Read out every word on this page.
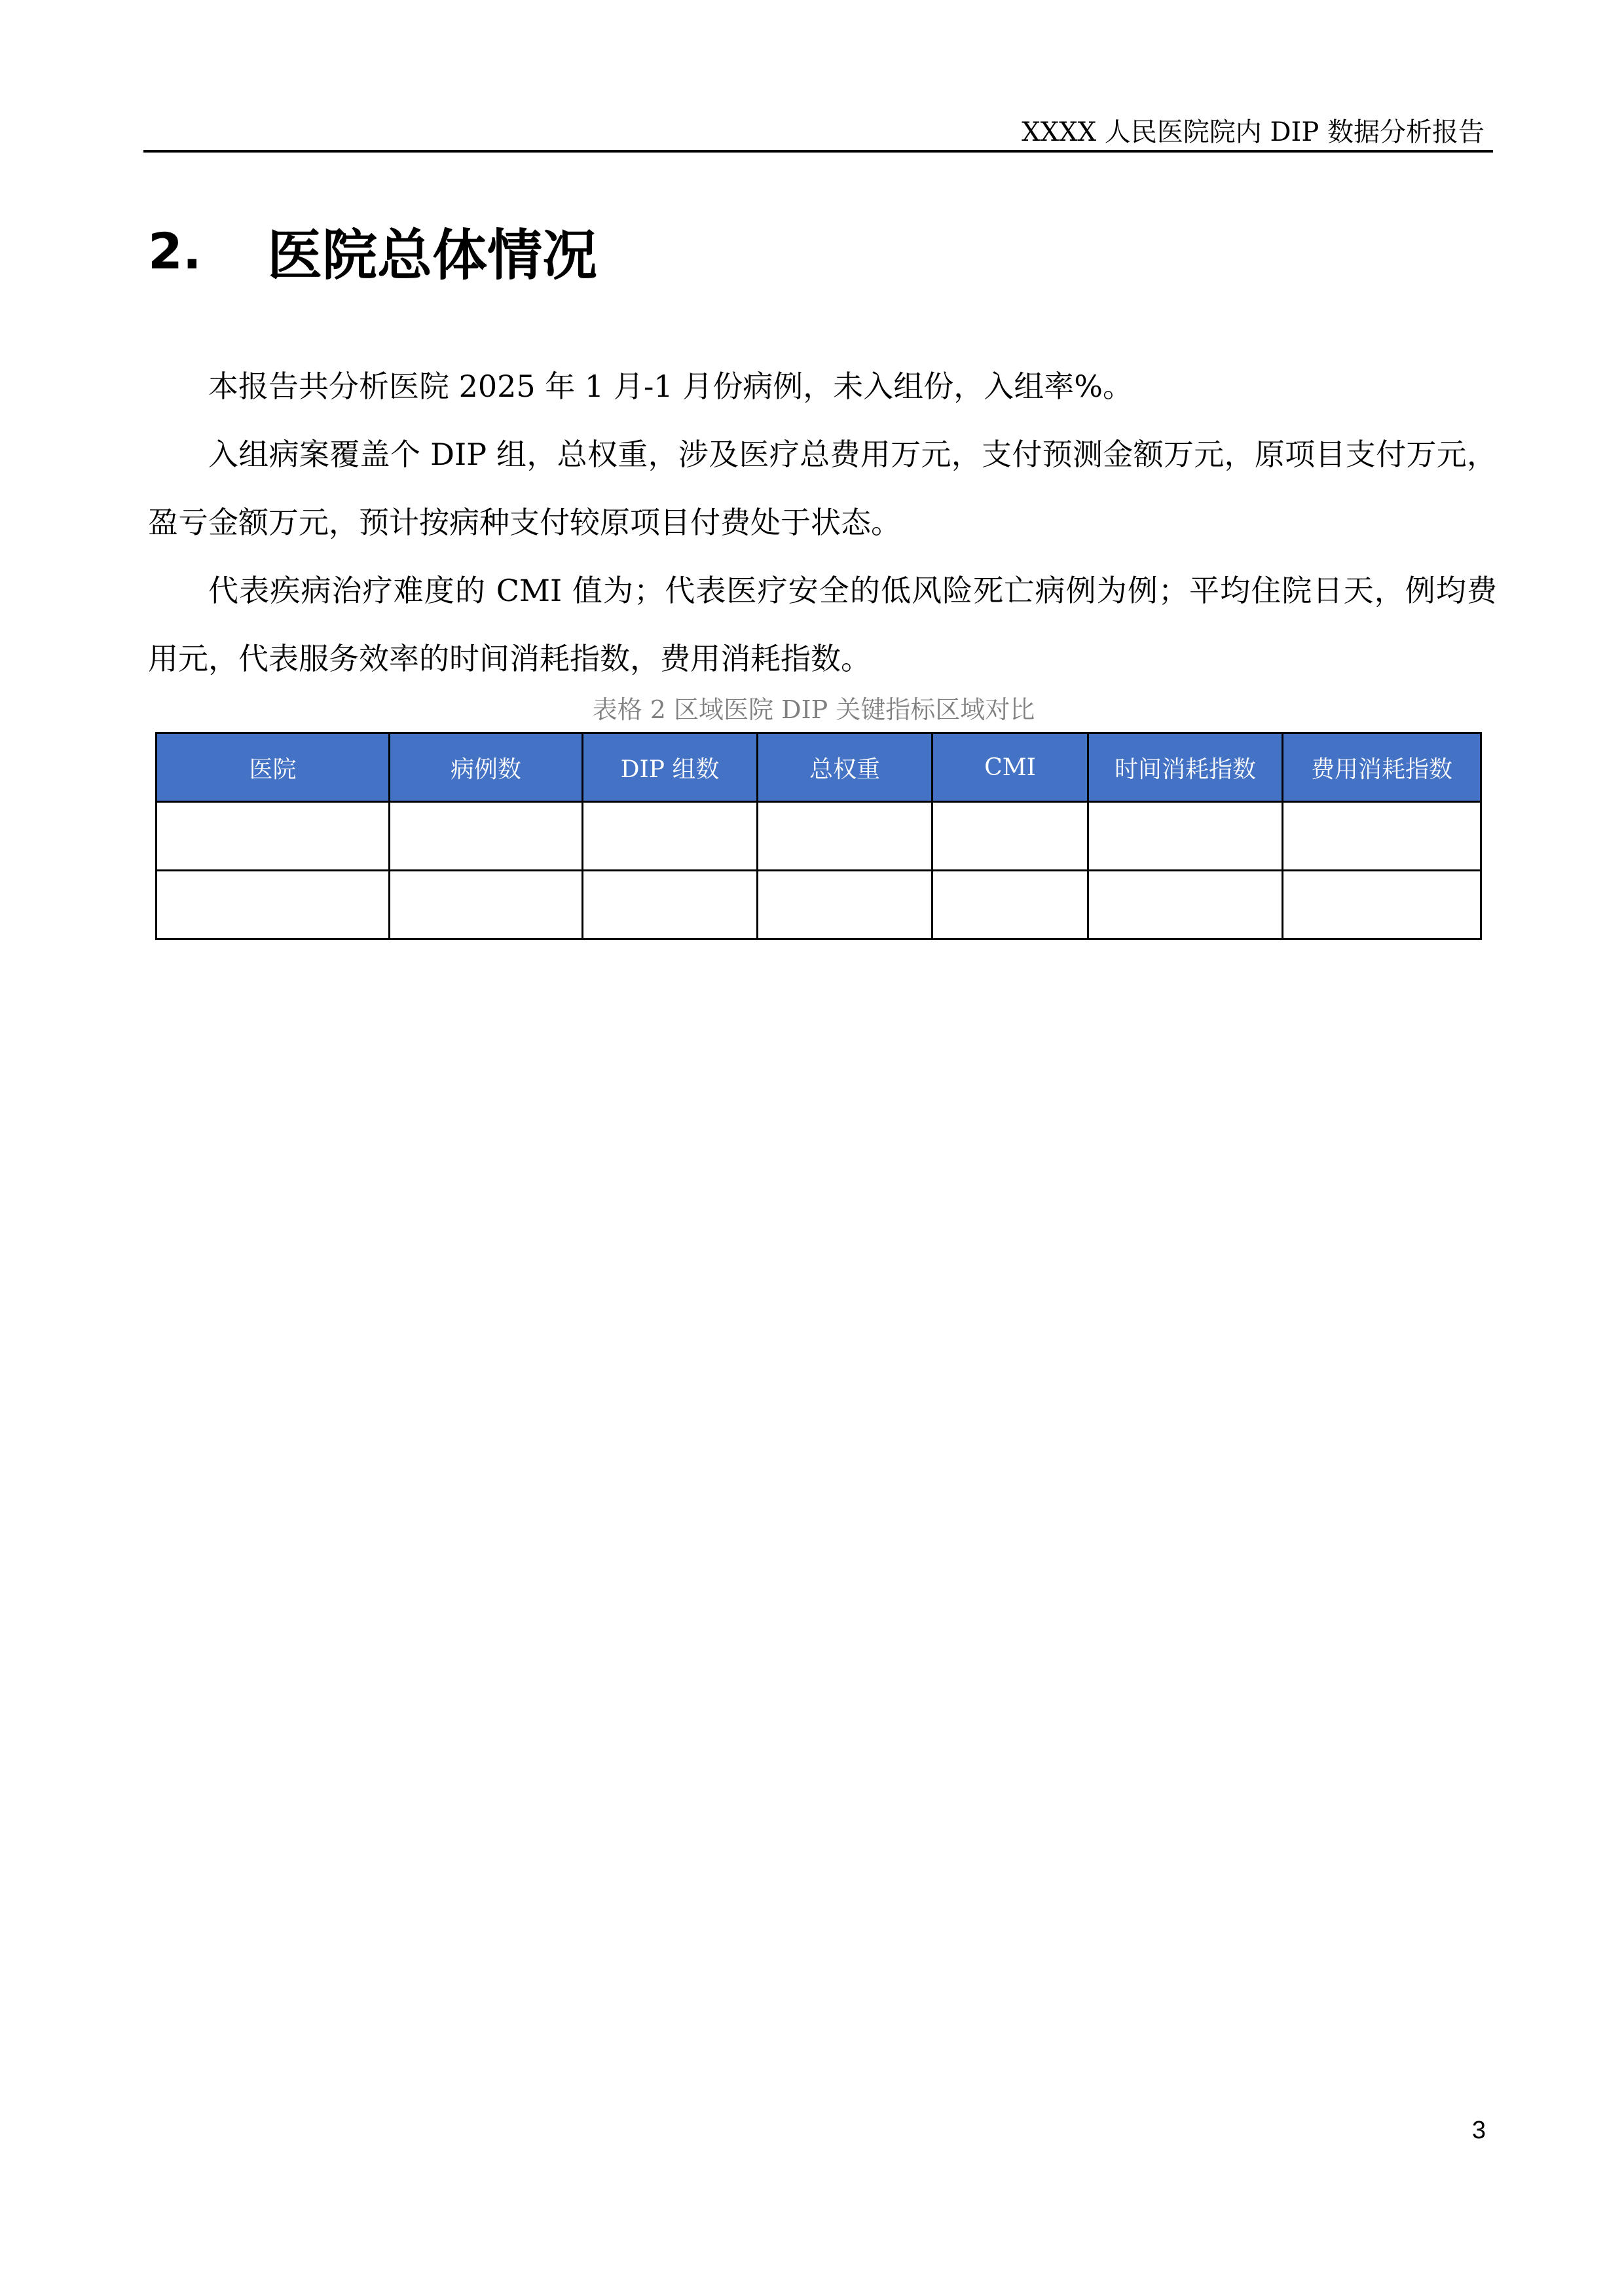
XXXX 人民医院院内 DIP 数据分析报告
2.	医院总体情况

本报告共分析医院 2025 年 1 月-1 月份病例，未入组份，入组率%。

入组病案覆盖个 DIP 组，总权重，涉及医疗总费用万元，支付预测金额万元，原项目支付万元，盈亏金额万元，预计按病种支付较原项目付费处于状态。

代表疾病治疗难度的 CMI 值为；代表医疗安全的低风险死亡病例为例；平均住院日天，例均费用元，代表服务效率的时间消耗指数，费用消耗指数。

表格 2 区域医院 DIP 关键指标区域对比
医院	病例数	DIP 组数	总权重	CMI	时间消耗指数	费用消耗指数

3
